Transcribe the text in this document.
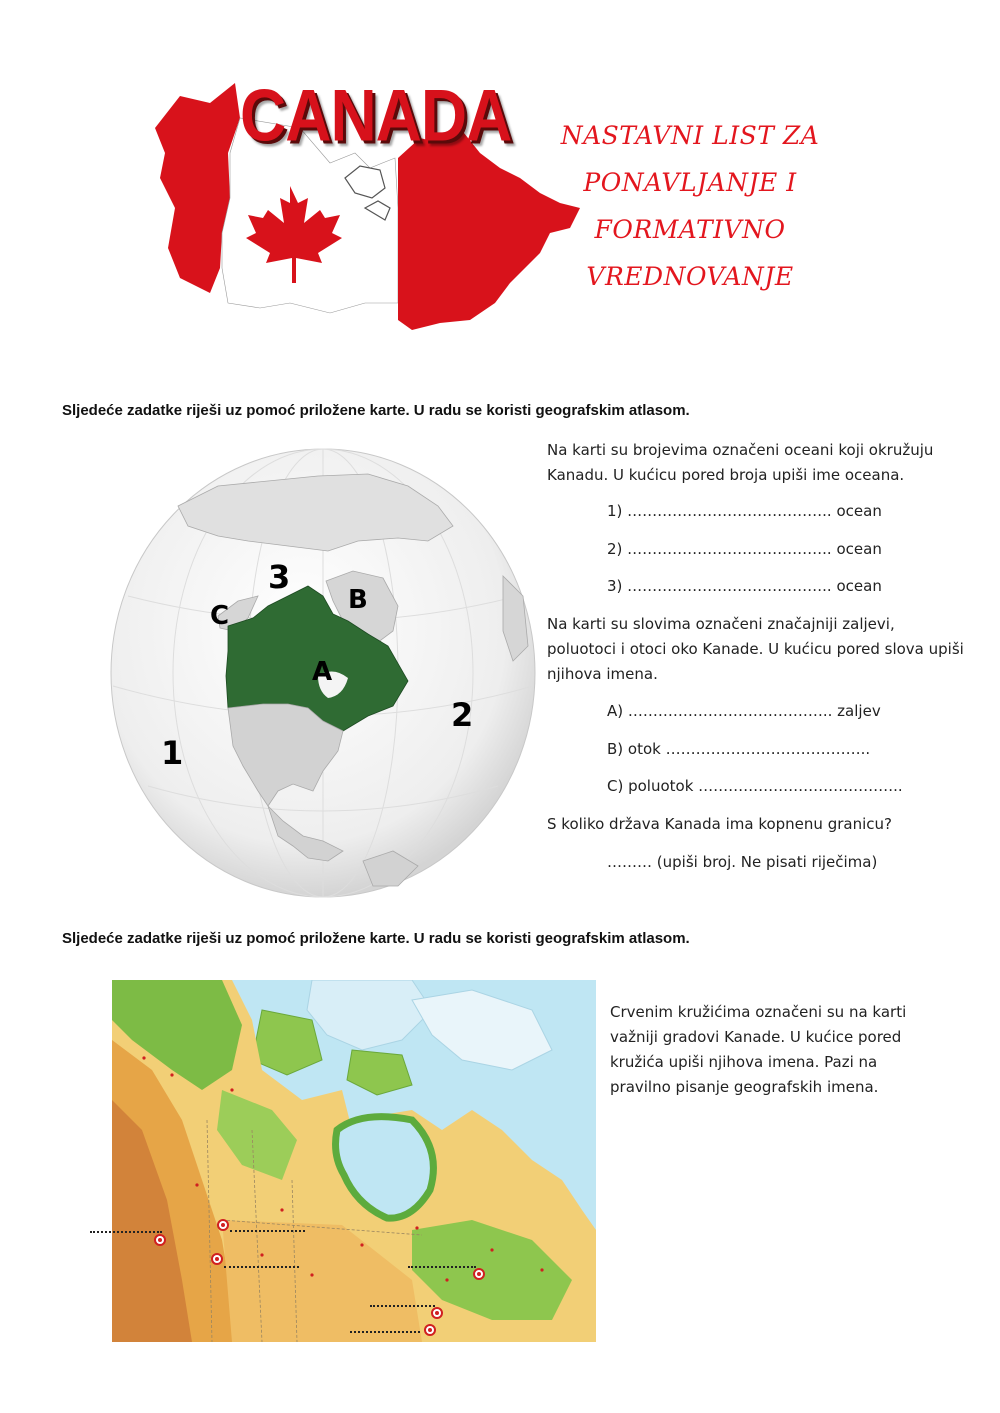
CANADA	NASTAVNI LIST ZA
PONAVLJANJE I
FORMATIVNO
VREDNOVANJE
Sljedeće zadatke riješi uz pomoć priložene karte. U radu se koristi geografskim atlasom.
1
2
3
A
B
C
Na karti su brojevima označeni oceani koji okružuju Kanadu. U kućicu pored broja upiši ime oceana.
1) ………………………………….. ocean
2) ………………………………….. ocean
3) ………………………………….. ocean
Na karti su slovima označeni značajniji zaljevi, poluotoci i otoci oko Kanade. U kućicu pored slova upiši njihova imena.
A) ………………………………….. zaljev
B) otok …………………………………..
C) poluotok …………………………………..
S koliko država Kanada ima kopnenu granicu?
……… (upiši broj. Ne pisati riječima)
Sljedeće zadatke riješi uz pomoć priložene karte. U radu se koristi geografskim atlasom.
Crvenim kružićima označeni su na karti važniji gradovi Kanade. U kućice pored kružića upiši njihova imena. Pazi na pravilno pisanje geografskih imena.
